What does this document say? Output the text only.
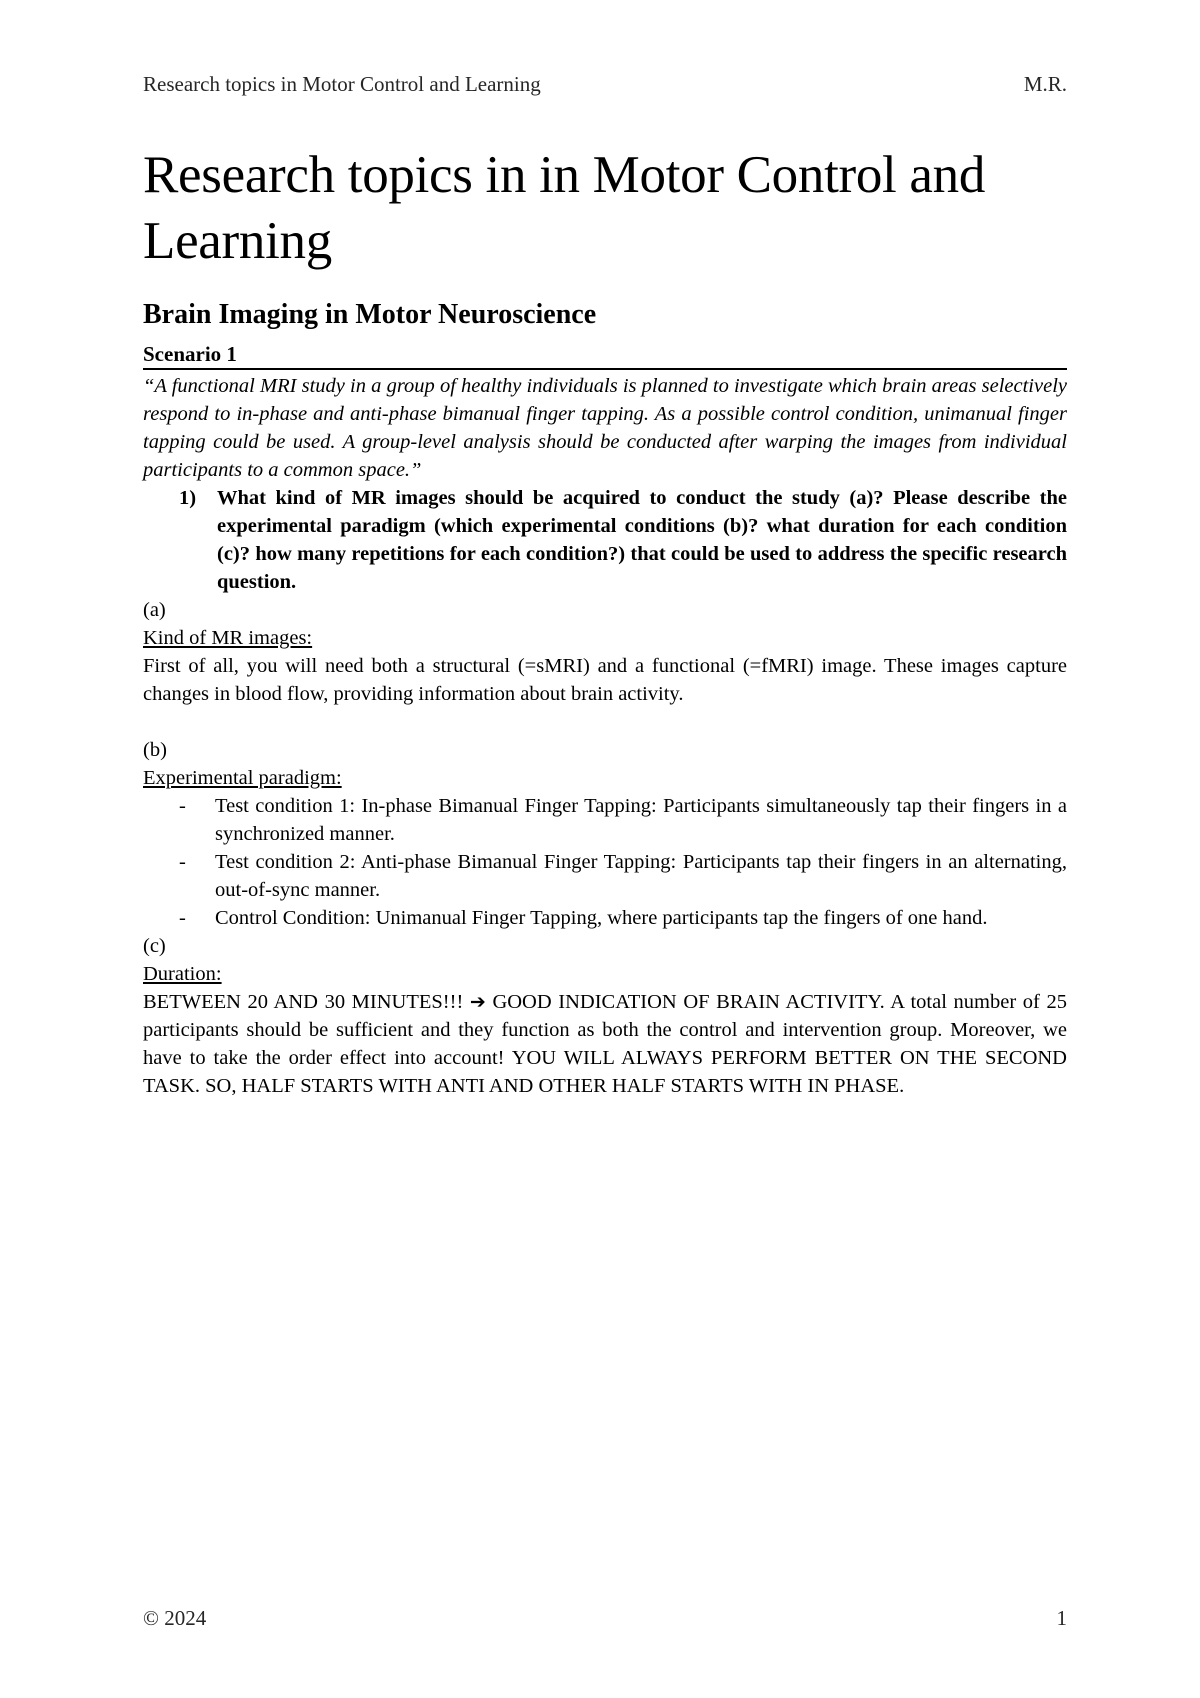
Research topics in Motor Control and Learning	M.R.
Research topics in in Motor Control and Learning
Brain Imaging in Motor Neuroscience
Scenario 1

“A functional MRI study in a group of healthy individuals is planned to investigate which brain areas selectively respond to in-phase and anti-phase bimanual finger tapping. As a possible control condition, unimanual finger tapping could be used. A group-level analysis should be conducted after warping the images from individual participants to a common space.”

1)	What kind of MR images should be acquired to conduct the study (a)? Please describe the experimental paradigm (which experimental conditions (b)? what duration for each condition (c)? how many repetitions for each condition?) that could be used to address the specific research question.

(a)

Kind of MR images:

First of all, you will need both a structural (=sMRI) and a functional (=fMRI) image. These images capture changes in blood flow, providing information about brain activity.

(b)

Experimental paradigm:

-	Test condition 1: In-phase Bimanual Finger Tapping: Participants simultaneously tap their fingers in a synchronized manner.
-	Test condition 2: Anti-phase Bimanual Finger Tapping: Participants tap their fingers in an alternating, out-of-sync manner.
-	Control Condition: Unimanual Finger Tapping, where participants tap the fingers of one hand.

(c)

Duration:

BETWEEN 20 AND 30 MINUTES!!! ➔ GOOD INDICATION OF BRAIN ACTIVITY. A total number of 25 participants should be sufficient and they function as both the control and intervention group. Moreover, we have to take the order effect into account! YOU WILL ALWAYS PERFORM BETTER ON THE SECOND TASK. SO, HALF STARTS WITH ANTI AND OTHER HALF STARTS WITH IN PHASE.

© 2024	1
